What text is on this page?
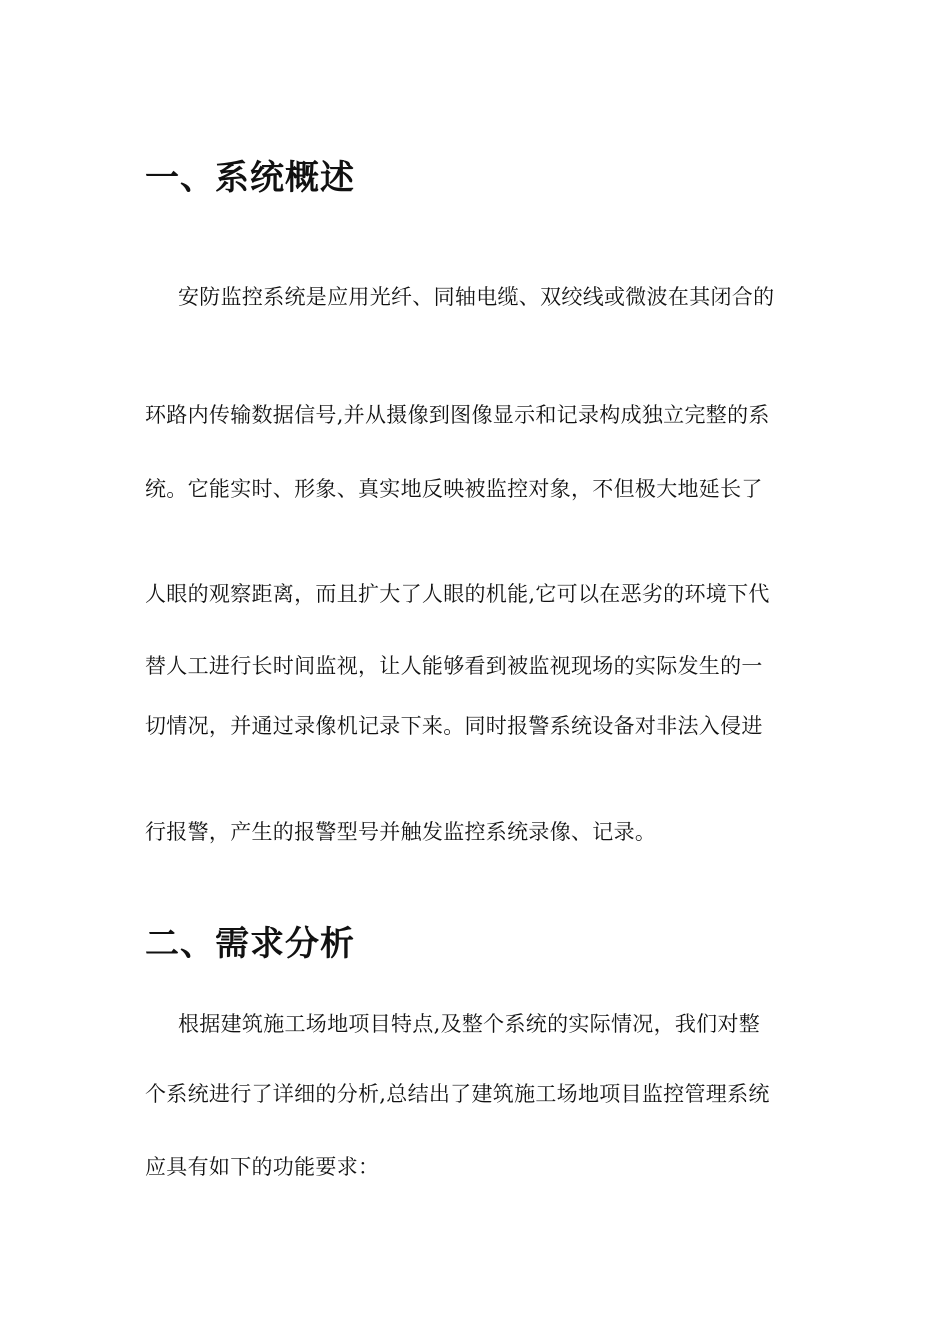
一、系统概述

安防监控系统是应用光纤、同轴电缆、双绞线或微波在其闭合的

环路内传输数据信号,并从摄像到图像显示和记录构成独立完整的系

统。它能实时、形象、真实地反映被监控对象，不但极大地延长了

人眼的观察距离，而且扩大了人眼的机能,它可以在恶劣的环境下代

替人工进行长时间监视，让人能够看到被监视现场的实际发生的一

切情况，并通过录像机记录下来。同时报警系统设备对非法入侵进

行报警，产生的报警型号并触发监控系统录像、记录。

二、需求分析

根据建筑施工场地项目特点,及整个系统的实际情况，我们对整

个系统进行了详细的分析,总结出了建筑施工场地项目监控管理系统

应具有如下的功能要求：
